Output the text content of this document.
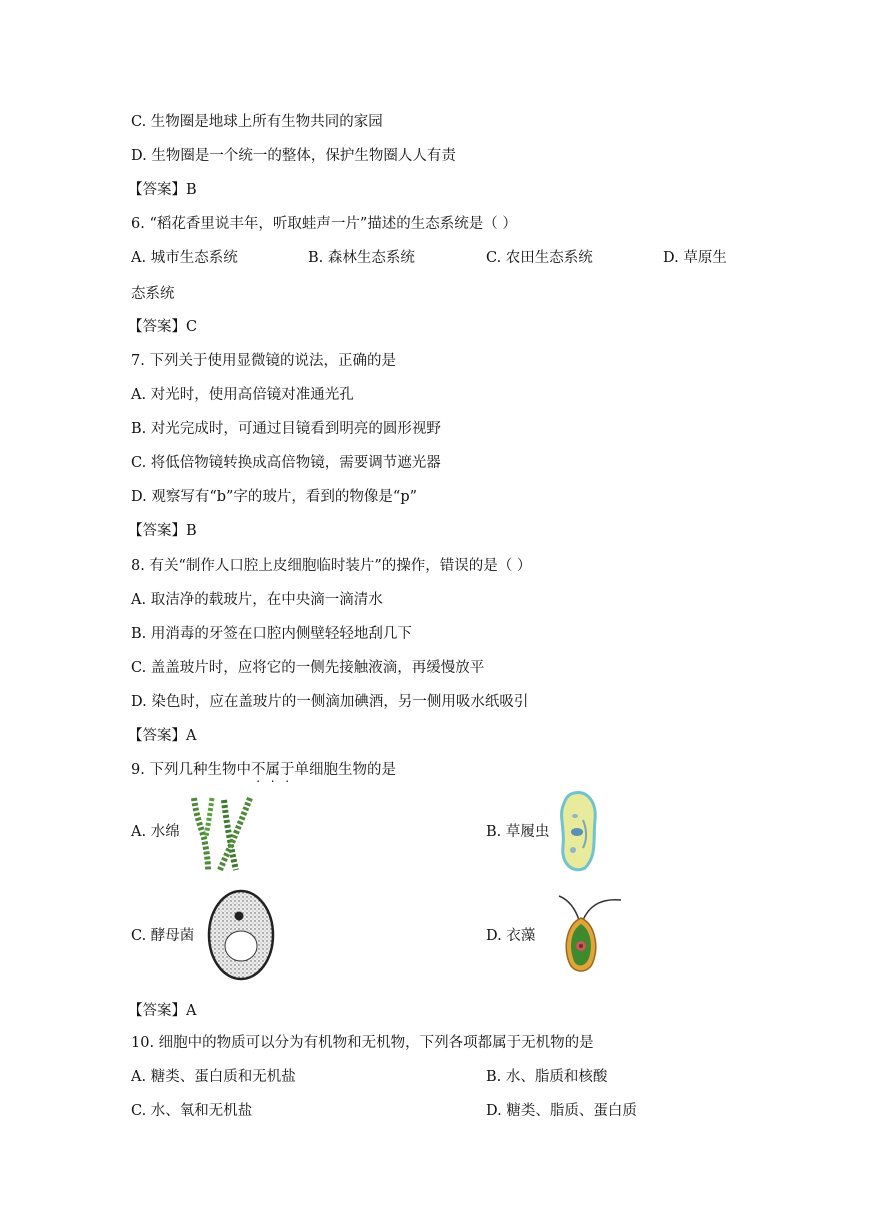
C. 生物圈是地球上所有生物共同的家园
D. 生物圈是一个统一的整体，保护生物圈人人有责
【答案】B
6. “稻花香里说丰年，听取蛙声一片”描述的生态系统是（ ）
A. 城市生态系统	B. 森林生态系统	C. 农田生态系统	D. 草原生
态系统
【答案】C
7. 下列关于使用显微镜的说法，正确的是
A. 对光时，使用高倍镜对准通光孔
B. 对光完成时，可通过目镜看到明亮的圆形视野
C. 将低倍物镜转换成高倍物镜，需要调节遮光器
D. 观察写有“b”字的玻片，看到的物像是“p”
【答案】B
8. 有关“制作人口腔上皮细胞临时装片”的操作，错误的是（ ）
A. 取洁净的载玻片，在中央滴一滴清水
B. 用消毒的牙签在口腔内侧壁轻轻地刮几下
C. 盖盖玻片时，应将它的一侧先接触液滴，再缓慢放平
D. 染色时，应在盖玻片的一侧滴加碘酒，另一侧用吸水纸吸引
【答案】A
9. 下列几种生物中不属于单细胞生物的是
A. 水绵	B. 草履虫
C. 酵母菌	D. 衣藻
【答案】A
10. 细胞中的物质可以分为有机物和无机物，下列各项都属于无机物的是
A. 糖类、蛋白质和无机盐	B. 水、脂质和核酸
C. 水、氧和无机盐	D. 糖类、脂质、蛋白质
